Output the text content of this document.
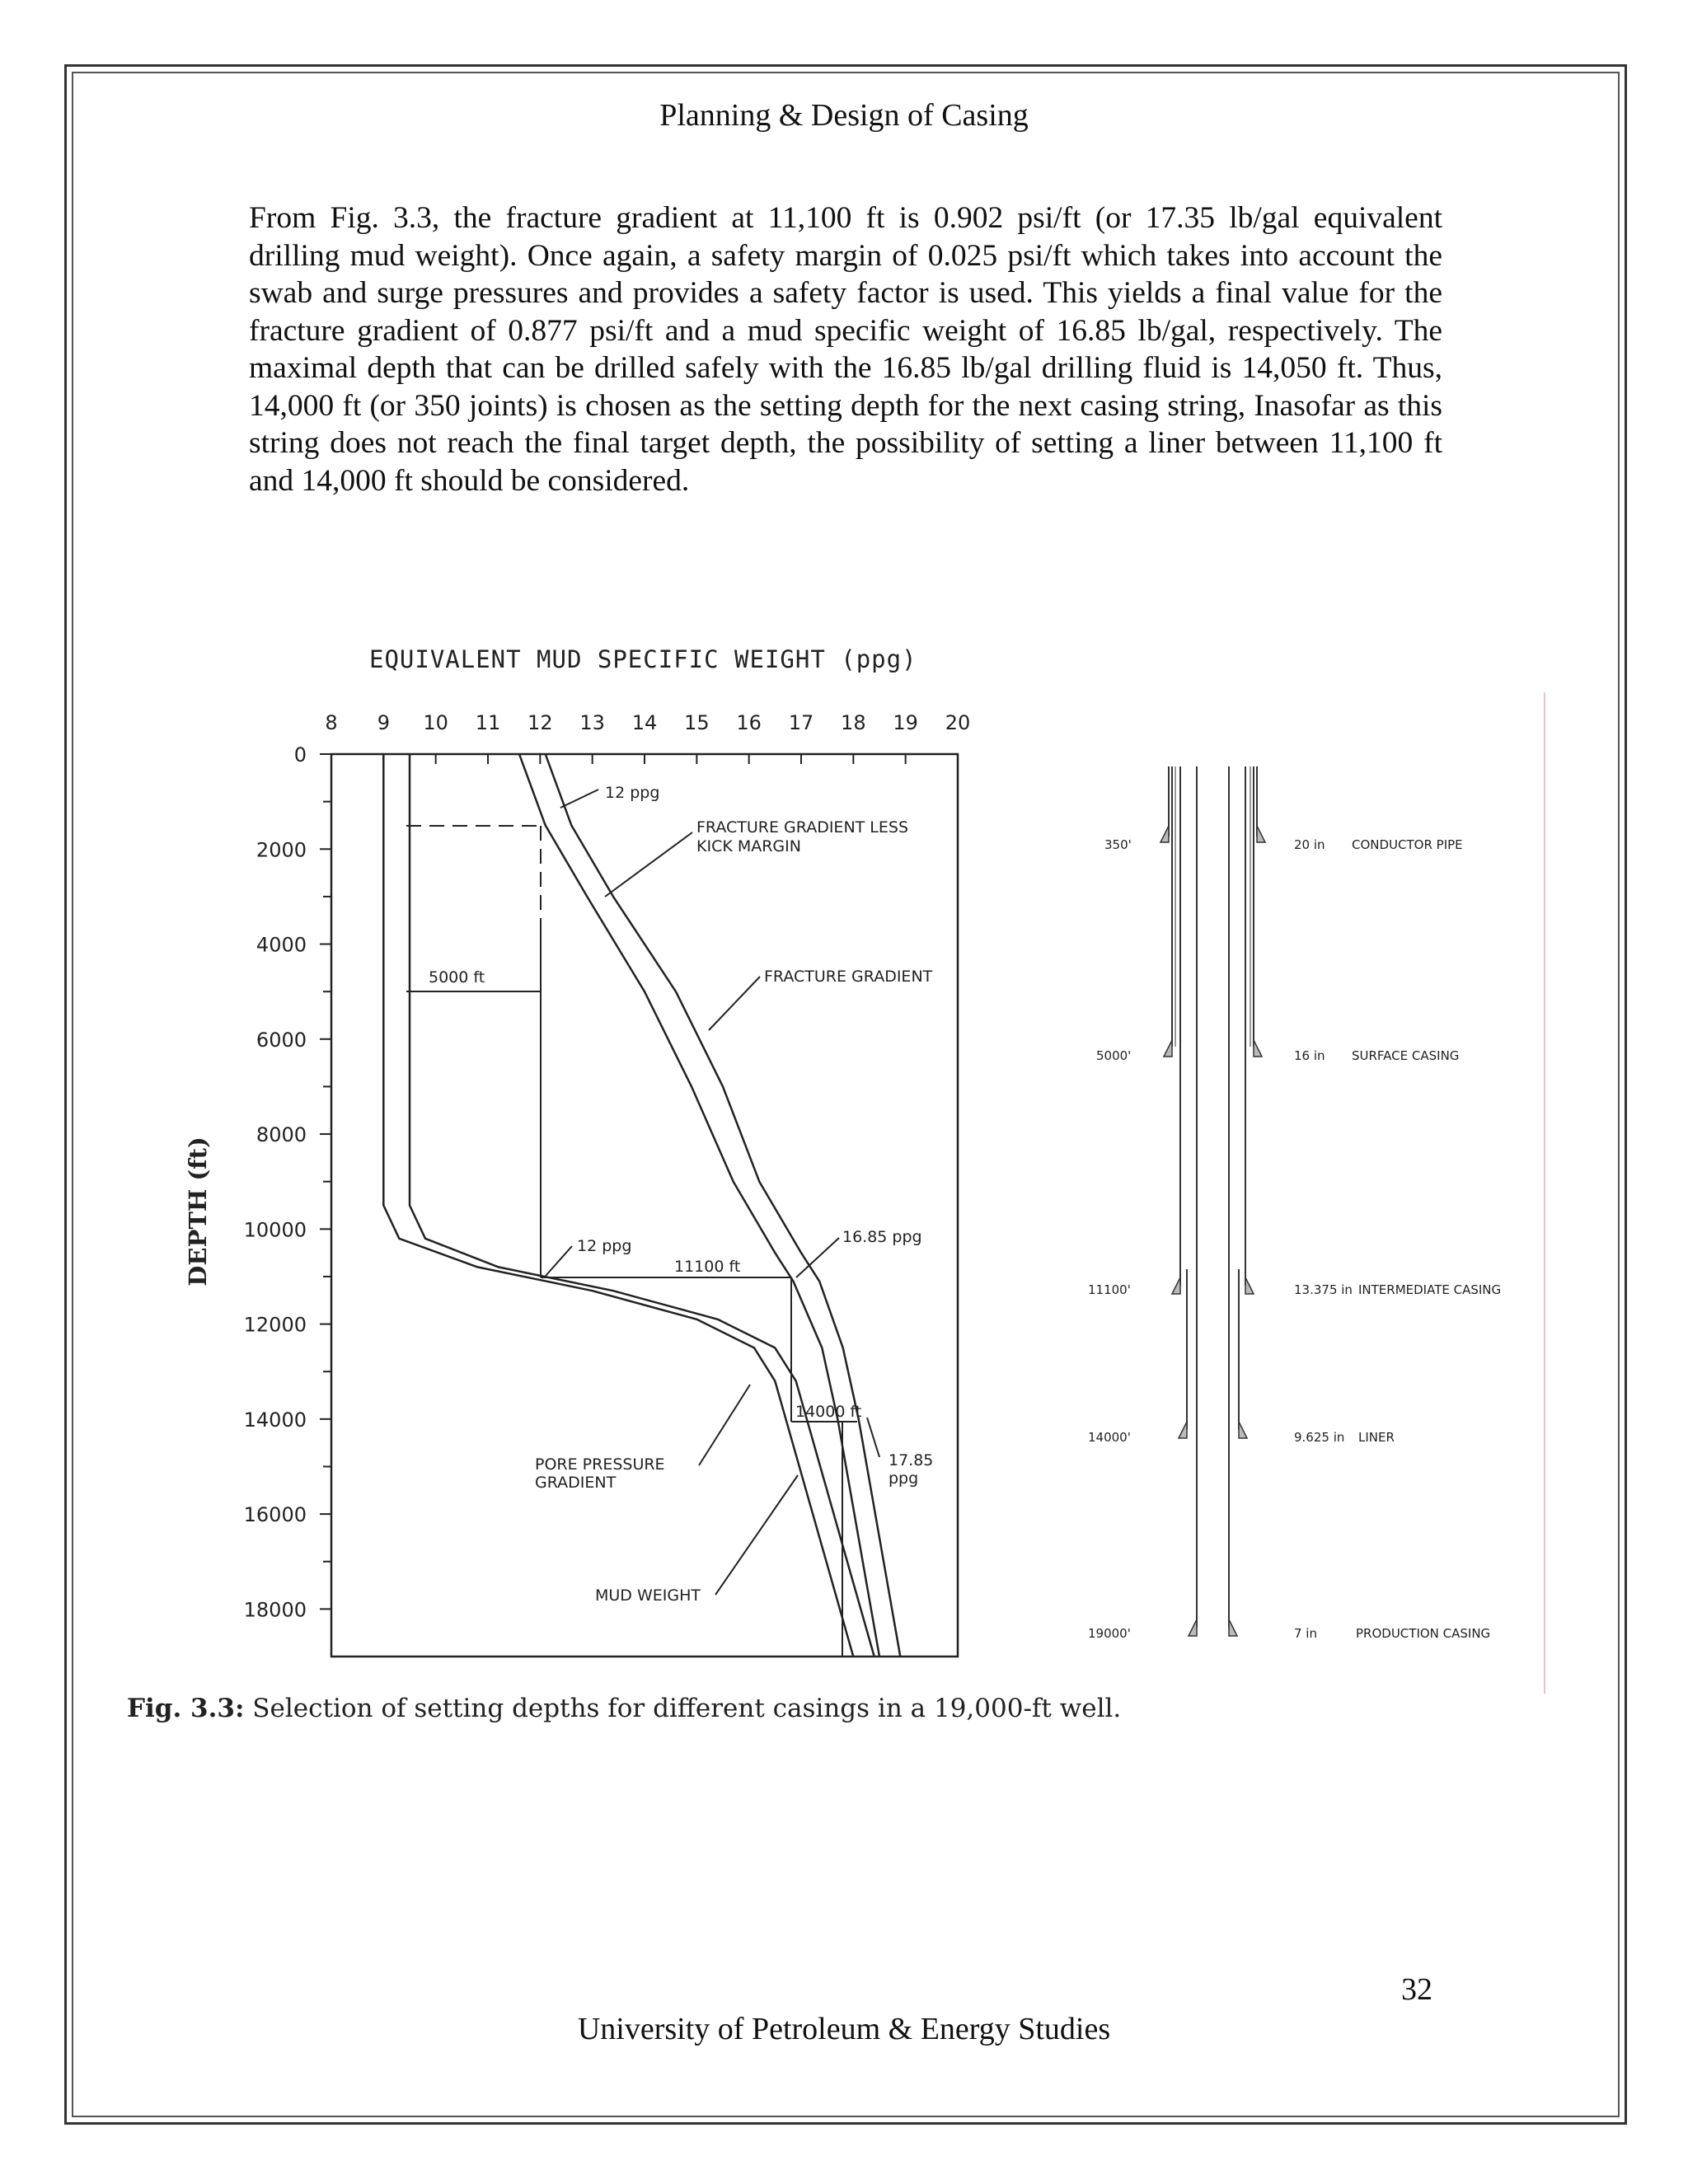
Planning & Design of Casing
From Fig. 3.3, the fracture gradient at 11,100 ft is 0.902 psi/ft (or 17.35 lb/gal equivalent drilling mud weight). Once again, a safety margin of 0.025 psi/ft which takes into account the swab and surge pressures and provides a safety factor is used. This yields a final value for the fracture gradient of 0.877 psi/ft and a mud specific weight of 16.85 lb/gal, respectively. The maximal depth that can be drilled safely with the 16.85 lb/gal drilling fluid is 14,050 ft. Thus, 14,000 ft (or 350 joints) is chosen as the setting depth for the next casing string, Inasofar as this string does not reach the final target depth, the possibility of setting a liner between 11,100 ft and 14,000 ft should be considered.
EQUIVALENT MUD SPECIFIC WEIGHT (ppg)
DEPTH (ft)
8 9 10 11 12 13 14 15 16 17 18 19 20
0
2000
4000
6000
8000
10000
12000
14000
16000
18000
12 ppg
FRACTURE GRADIENT LESS
KICK MARGIN
5000 ft	FRACTURE GRADIENT
12 ppg
11100 ft
16.85 ppg
14000 ft
17.85
ppg
PORE PRESSURE
GRADIENT
MUD WEIGHT
350'	20 in CONDUCTOR PIPE
5000'	16 in SURFACE CASING
11100'	13.375 in INTERMEDIATE CASING
14000'	9.625 in LINER
19000'	7 in	PRODUCTION CASING
Fig. 3.3: Selection of setting depths for different casings in a 19,000-ft well.
32
University of Petroleum & Energy Studies
